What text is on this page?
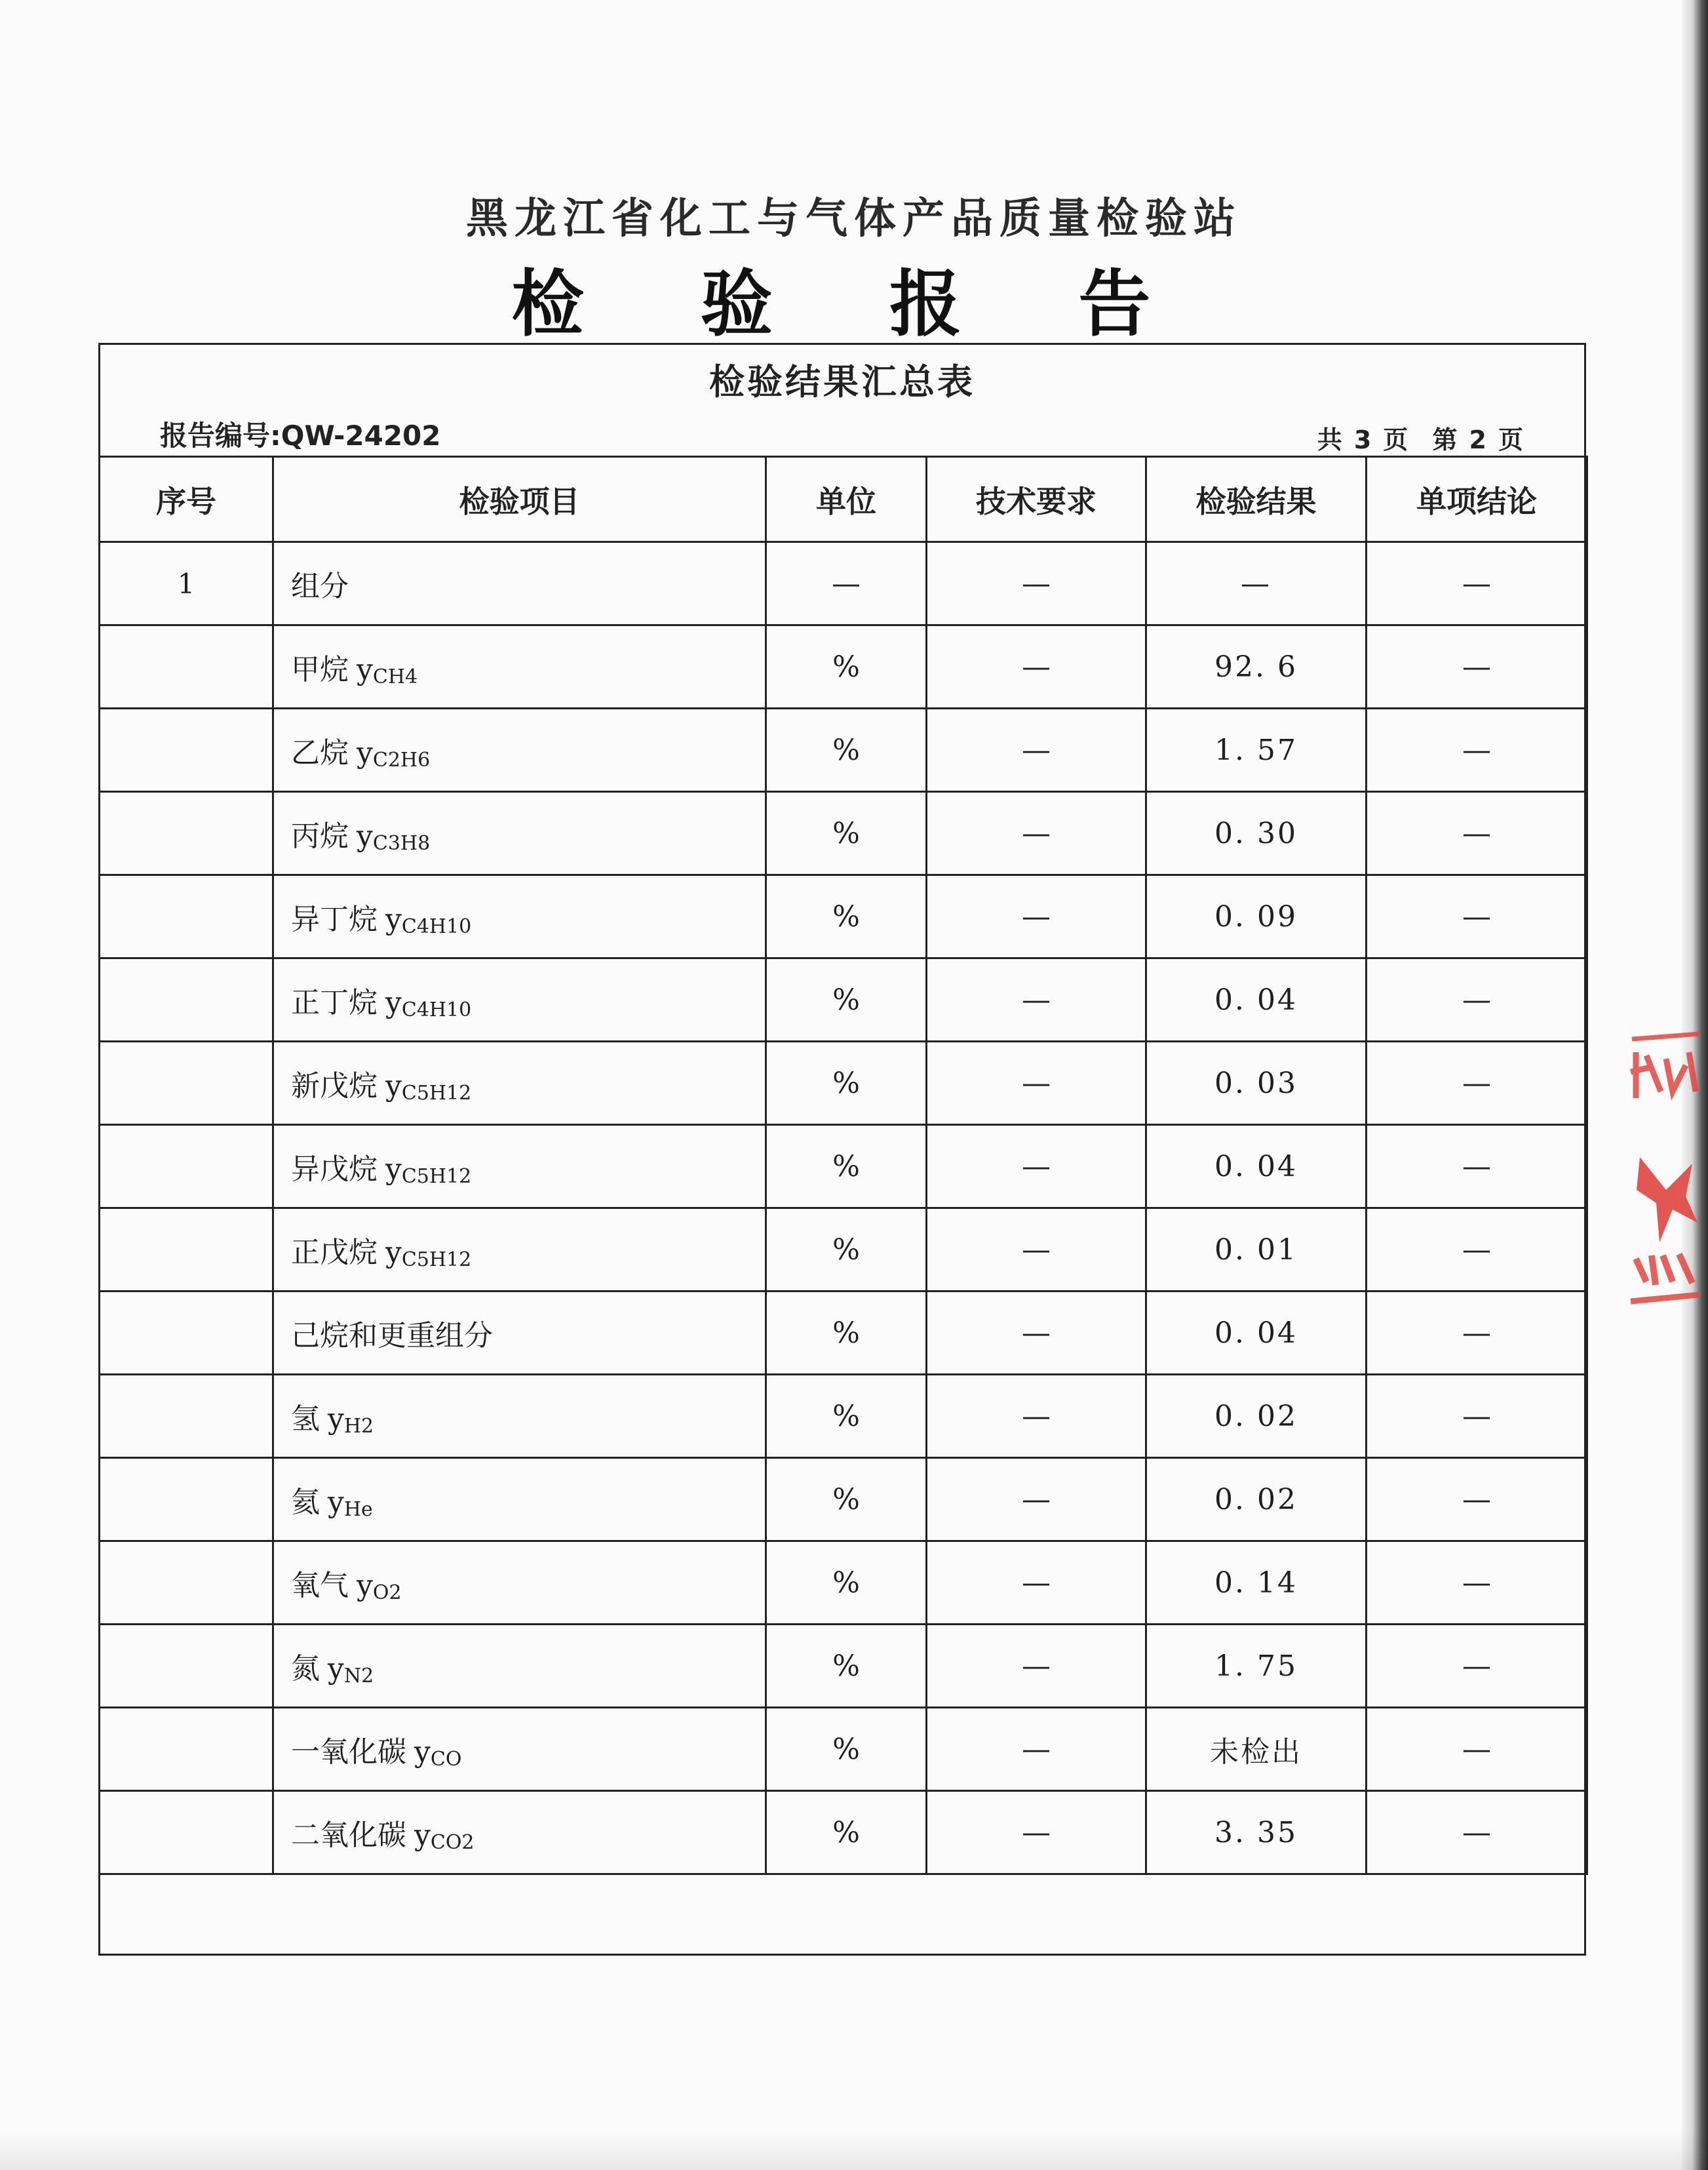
黑龙江省化工与气体产品质量检验站
检 验 报 告
检验结果汇总表
报告编号:QW-24202	共 3 页 第 2 页
序号	检验项目	单位	技术要求	检验结果	单项结论
1	组分	—	—	—	—
	甲烷 $y_{CH4}$	%	—	92. 6	—
	乙烷 $y_{C2H6}$	%	—	1. 57	—
	丙烷 $y_{C3H8}$	%	—	0. 30	—
	异丁烷 $y_{C4H10}$	%	—	0. 09	—
	正丁烷 $y_{C4H10}$	%	—	0. 04	—
	新戊烷 $y_{C5H12}$	%	—	0. 03	—
	异戊烷 $y_{C5H12}$	%	—	0. 04	—
	正戊烷 $y_{C5H12}$	%	—	0. 01	—
	己烷和更重组分	%	—	0. 04	—
	氢 $y_{H2}$	%	—	0. 02	—
	氦 $y_{He}$	%	—	0. 02	—
	氧气 $y_{O2}$	%	—	0. 14	—
	氮 $y_{N2}$	%	—	1. 75	—
	一氧化碳 $y_{CO}$	%	—	未检出	—
	二氧化碳 $y_{CO2}$	%	—	3. 35	—
